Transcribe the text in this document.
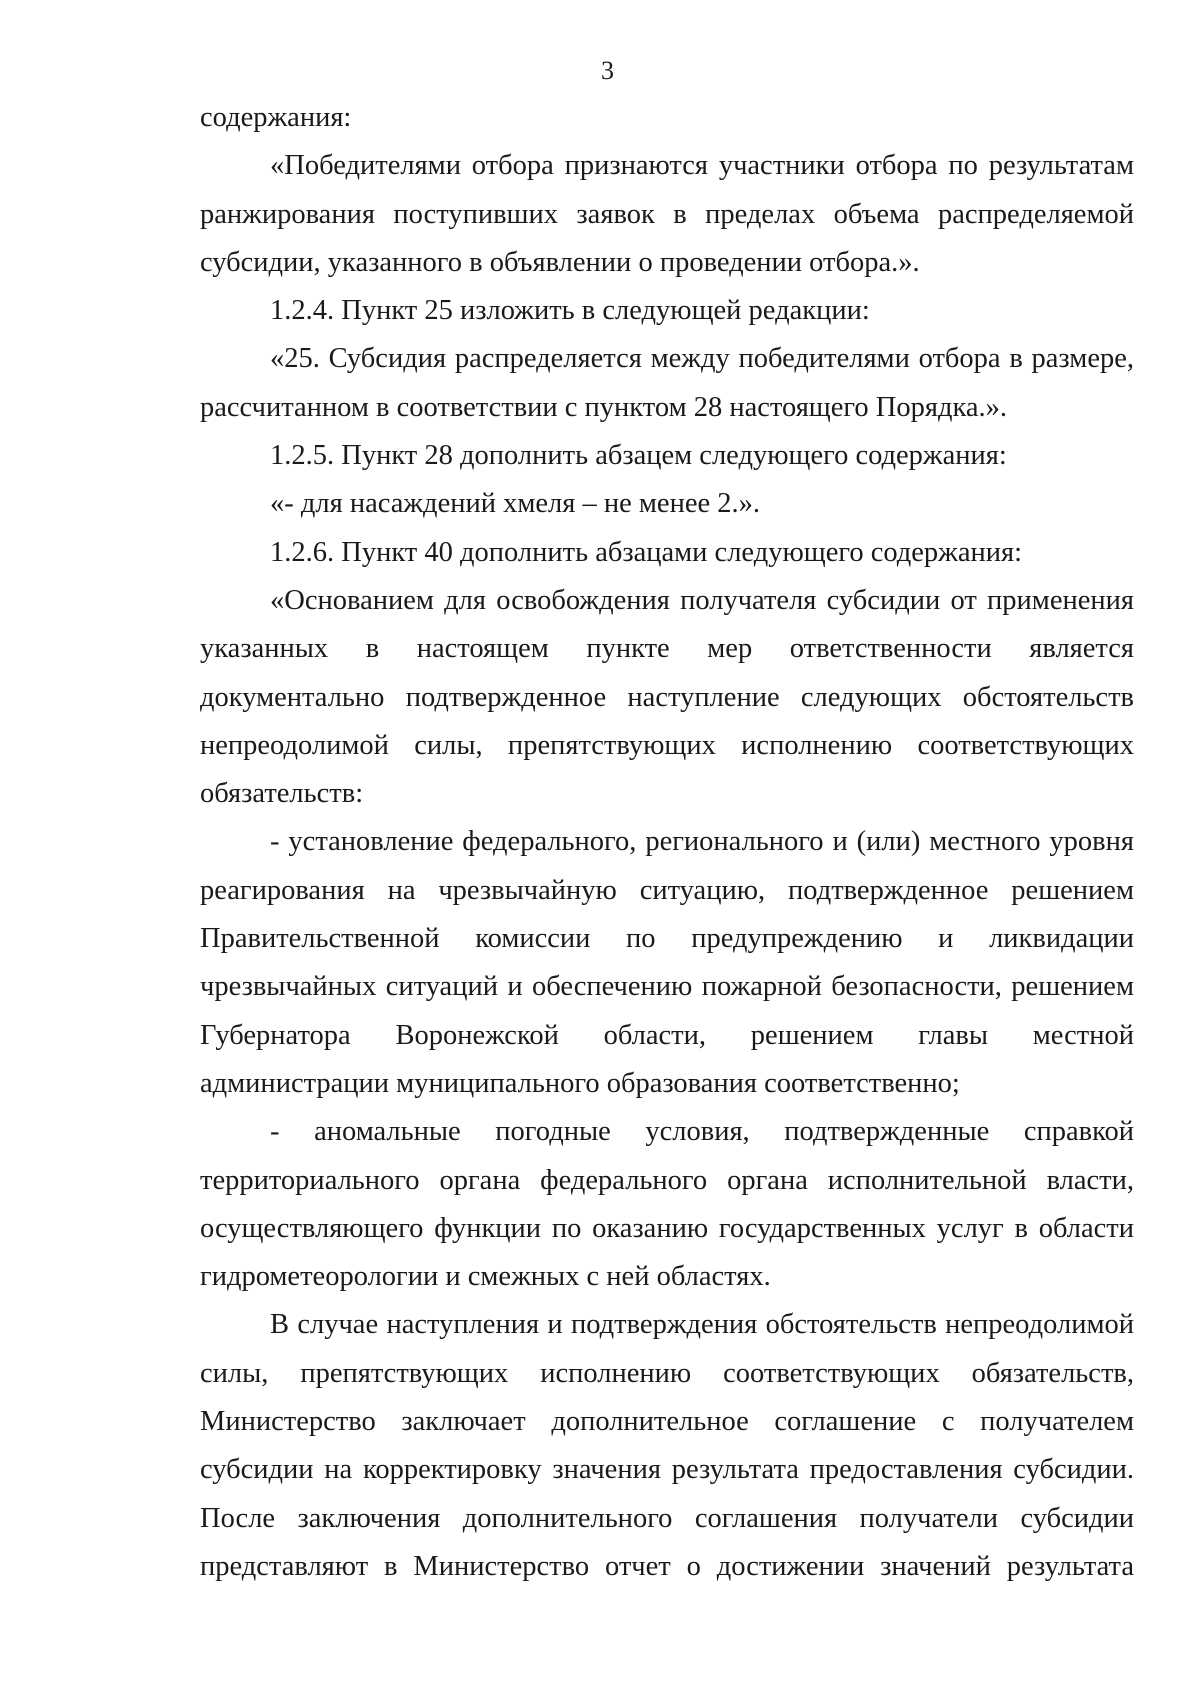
3
содержания:
«Победителями отбора признаются участники отбора по результатам
ранжирования поступивших заявок в пределах объема распределяемой
субсидии, указанного в объявлении о проведении отбора.».
1.2.4. Пункт 25 изложить в следующей редакции:
«25. Субсидия распределяется между победителями отбора в размере,
рассчитанном в соответствии с пунктом 28 настоящего Порядка.».
1.2.5. Пункт 28 дополнить абзацем следующего содержания:
«- для насаждений хмеля – не менее 2.».
1.2.6. Пункт 40 дополнить абзацами следующего содержания:
«Основанием для освобождения получателя субсидии от применения
указанных в настоящем пункте мер ответственности является
документально подтвержденное наступление следующих обстоятельств
непреодолимой силы, препятствующих исполнению соответствующих
обязательств:
- установление федерального, регионального и (или) местного уровня
реагирования на чрезвычайную ситуацию, подтвержденное решением
Правительственной комиссии по предупреждению и ликвидации
чрезвычайных ситуаций и обеспечению пожарной безопасности, решением
Губернатора Воронежской области, решением главы местной
администрации муниципального образования соответственно;
- аномальные погодные условия, подтвержденные справкой
территориального органа федерального органа исполнительной власти,
осуществляющего функции по оказанию государственных услуг в области
гидрометеорологии и смежных с ней областях.
В случае наступления и подтверждения обстоятельств непреодолимой
силы, препятствующих исполнению соответствующих обязательств,
Министерство заключает дополнительное соглашение с получателем
субсидии на корректировку значения результата предоставления субсидии.
После заключения дополнительного соглашения получатели субсидии
представляют в Министерство отчет о достижении значений результата
